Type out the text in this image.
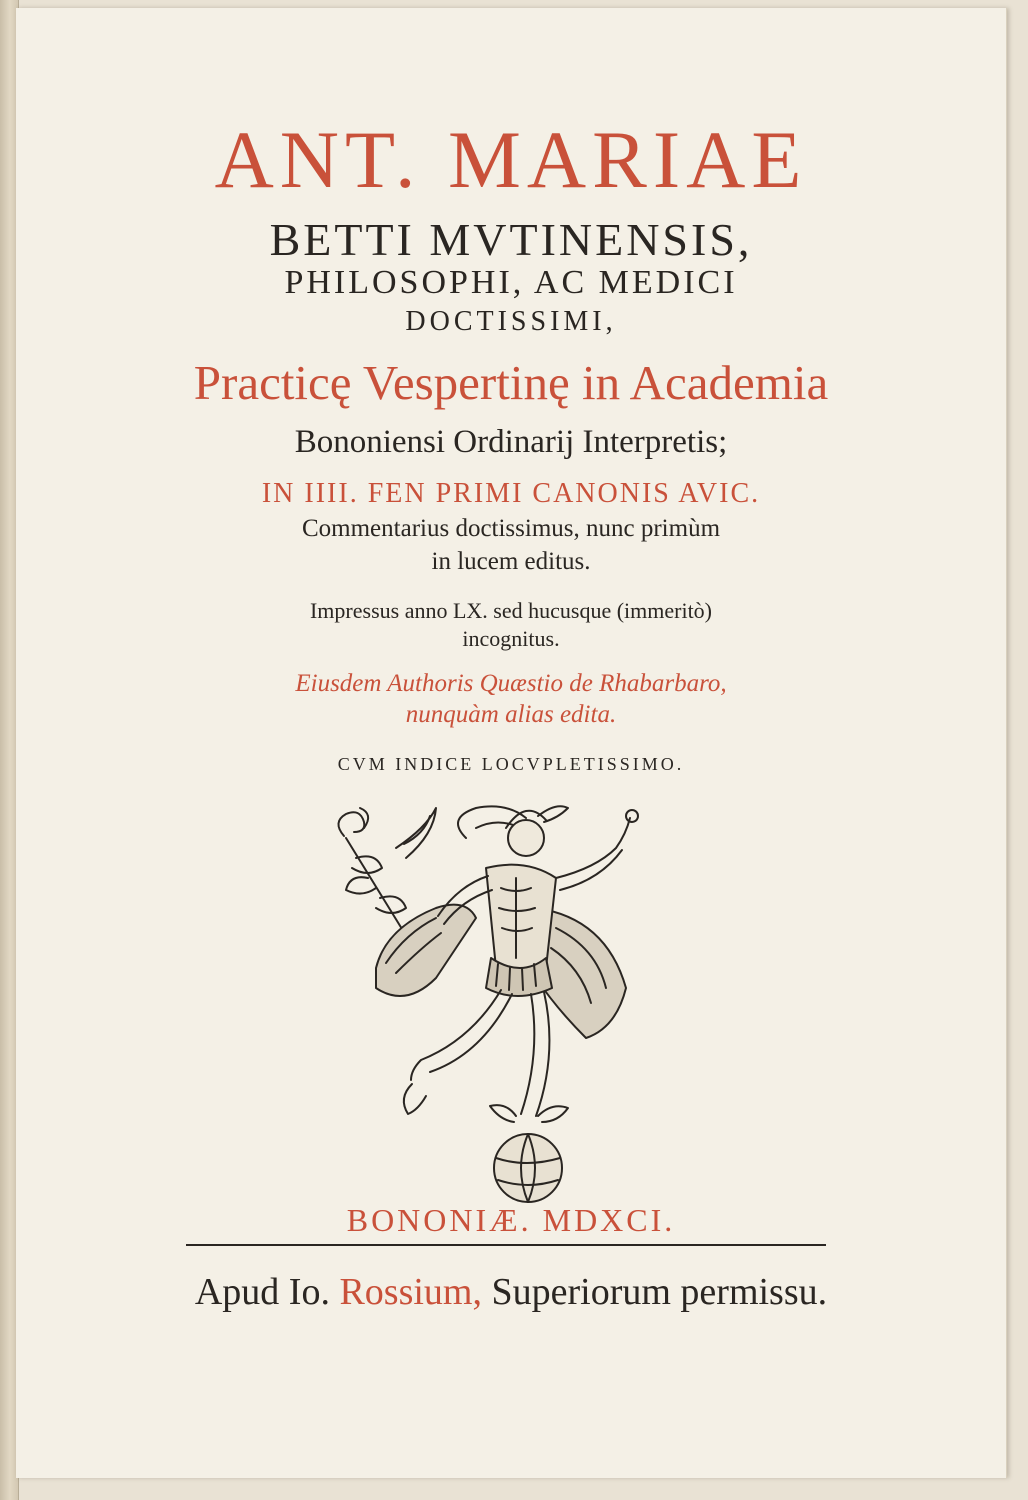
ANT. MARIAE
BETTI MVTINENSIS,
PHILOSOPHI, AC MEDICI
DOCTISSIMI,
Practicę Vespertinę in Academia
Bononiensi Ordinarij Interpretis;
IN IIII. FEN PRIMI CANONIS AVIC.
Commentarius doctissimus, nunc primùm
in lucem editus.
Impressus anno LX. sed hucusque (immeritò)
incognitus.
Eiusdem Authoris Quæstio de Rhabarbaro,
nunquàm alias edita.
CVM INDICE LOCVPLETISSIMO.
BONONIÆ. MDXCI.
Apud Io. Rossium, Superiorum permissu.
